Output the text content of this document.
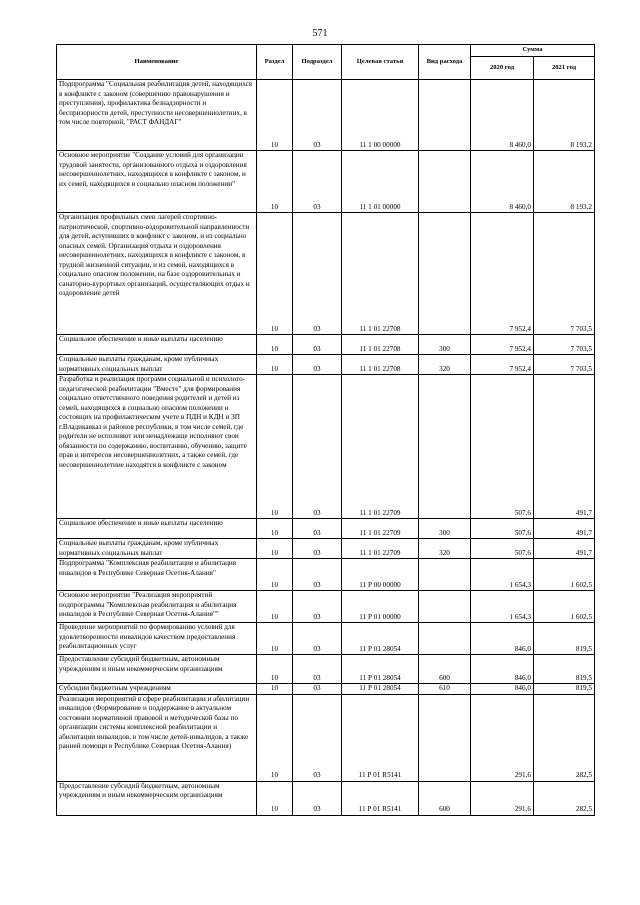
571
Наименование	Раздел	Подраздел	Целевая статья	Вид расхода	Сумма	
					2020 год	2021 год
Подпрограмма "Социальная реабилитация детей, находящихся в конфликте с законом (совершению правонарушения и преступления), профилактика безнадзорности и беспризорности детей, преступности несовершеннолетних, в том числе повторной, "РАСТ ФАНДАГ"	10	03	11 1 00 00000		8 460,0	8 193,2
Основное мероприятие "Создание условий для организации трудовой занятости, организованного отдыха и оздоровления несовершеннолетних, находящихся в конфликте с законом, и их семей, находящихся в социально опасном положении"	10	03	11 1 01 00000		8 460,0	8 193,2
Организация профильных смен лагерей спортивно-патриотической, спортивно-оздоровительной направленности для детей, вступивших в конфликт с законом, и из социально опасных семей. Организация отдыха и оздоровления несовершеннолетних, находящихся в конфликте с законом, в трудной жизненной ситуации, и из семей, находящихся в социально опасном положении, на базе оздоровительных и санаторно-курортных организаций, осуществляющих отдых и оздоровление детей	10	03	11 1 01 22708		7 952,4	7 703,5
Социальное обеспечение и иные выплаты населению	10	03	11 1 01 22708	300	7 952,4	7 703,5
Социальные выплаты гражданам, кроме публичных нормативных социальных выплат	10	03	11 1 01 22708	320	7 952,4	7 703,5
Разработка и реализация программ социальной и психолого-педагогической реабилитации "Вместе" для формирования социально ответственного поведения родителей и детей из семей, находящихся в социально опасном положении и состоящих на профилактическом учете в ПДН и КДН и ЗП г.Владикавказ и районов республики, в том числе семей, где родители не исполняют или ненадлежаще исполняют свои обязанности по содержанию, воспитанию, обучению, защите прав и интересов несовершеннолетних, а также семей, где несовершеннолетние находятся в конфликте с законом	10	03	11 1 01 22709		507,6	491,7
Социальное обеспечение и иные выплаты населению	10	03	11 1 01 22709	300	507,6	491,7
Социальные выплаты гражданам, кроме публичных нормативных социальных выплат	10	03	11 1 01 22709	320	507,6	491,7
Подпрограмма "Комплексная реабилитация и абилитация инвалидов в Республике Северная Осетия-Алания"	10	03	11 Р 00 00000		1 654,3	1 602,5
Основное мероприятие "Реализация мероприятий подпрограммы "Комплексная реабилитация и абилитация инвалидов в Республике Северная Осетия-Алания""	10	03	11 Р 01 00000		1 654,3	1 602,5
Проведение мероприятий по формированию условий для удовлетворенности инвалидов качеством предоставления реабилитационных услуг	10	03	11 Р 01 28054		846,0	819,5
Предоставление субсидий бюджетным, автономным учреждениям и иным некоммерческим организациям	10	03	11 Р 01 28054	600	846,0	819,5
Субсидии бюджетным учреждениям	10	03	11 Р 01 28054	610	846,0	819,5
Реализация мероприятий в сфере реабилитации и абилитации инвалидов (Формирование и поддержание в актуальном состоянии нормативной правовой и методической базы по организации системы комплексной реабилитации и абилитации инвалидов, в том числе детей-инвалидов, а также ранней помощи в Республике Северная Осетия-Алания)	10	03	11 Р 01 R5141		291,6	282,5
Предоставление субсидий бюджетным, автономным учреждениям и иным некоммерческим организациям	10	03	11 Р 01 R5141	600	291,6	282,5
